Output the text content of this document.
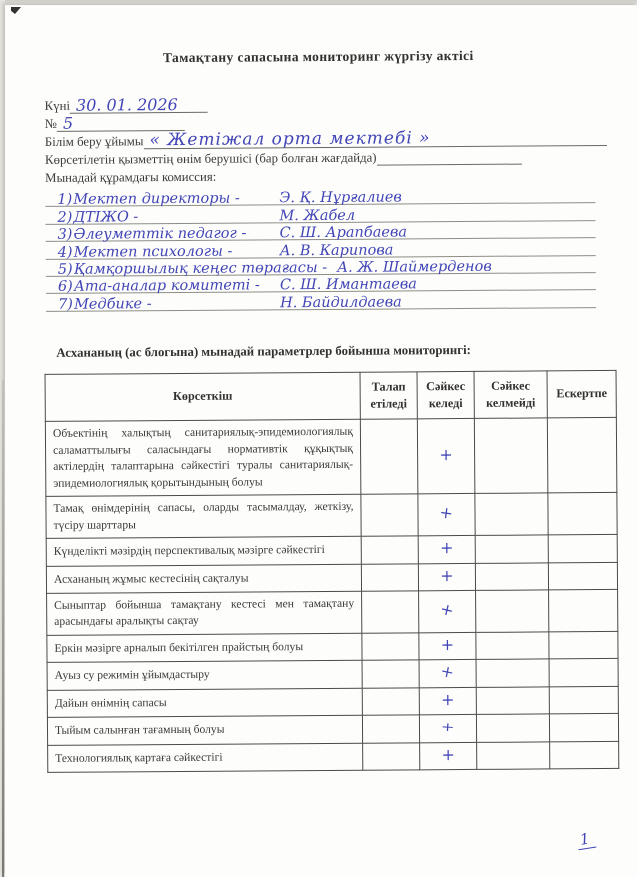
Тамақтану сапасына мониторинг жүргізу актісі
Күні 30. 01. 2026
№ 5
Білім беру ұйымы « Жетіжал орта мектебі »
Көрсетілетін қызметтің өнім берушісі (бар болған жағдайда)
Мынадай құрамдағы комиссия:
1) Мектеп директоры -	Э. Қ. Нұрғалиев
2) ДТІЖО -	М. Жабел
3) Әлеуметтік педагог -	С. Ш. Арапбаева
4) Мектеп психологы -	А. В. Карипова
5) Қамқоршылық кеңес төрағасы - А. Ж. Шаймерденов
6) Ата-аналар комитеті -	С. Ш. Имантаева
7) Медбике -	Н. Байдилдаева
Асхананың (ас блогына) мынадай параметрлер бойынша мониторингі:
Көрсеткіш	Талап етіледі	Сәйкес келеді	Сәйкес келмейді	Ескертпе
Объектінің халықтың санитариялық-эпидемиологиялық саламаттылығы саласындағы нормативтік құқықтық актілердің талаптарына сәйкестігі туралы санитариялық-эпидемиологиялық қорытындының болуы		+		
Тамақ өнімдерінің сапасы, оларды тасымалдау, жеткізу, түсіру шарттары		+		
Күнделікті мәзірдің перспективалық мәзірге сәйкестігі		+		
Асхананың жұмыс кестесінің сақталуы		+		
Сыныптар бойынша тамақтану кестесі мен тамақтану арасындағы аралықты сақтау		+		
Еркін мәзірге арналып бекітілген прайстың болуы		+		
Ауыз су режимін ұйымдастыру		+		
Дайын өнімнің сапасы		+		
Тыйым салынған тағамның болуы		+		
Технологиялық картаға сәйкестігі		+		
1
